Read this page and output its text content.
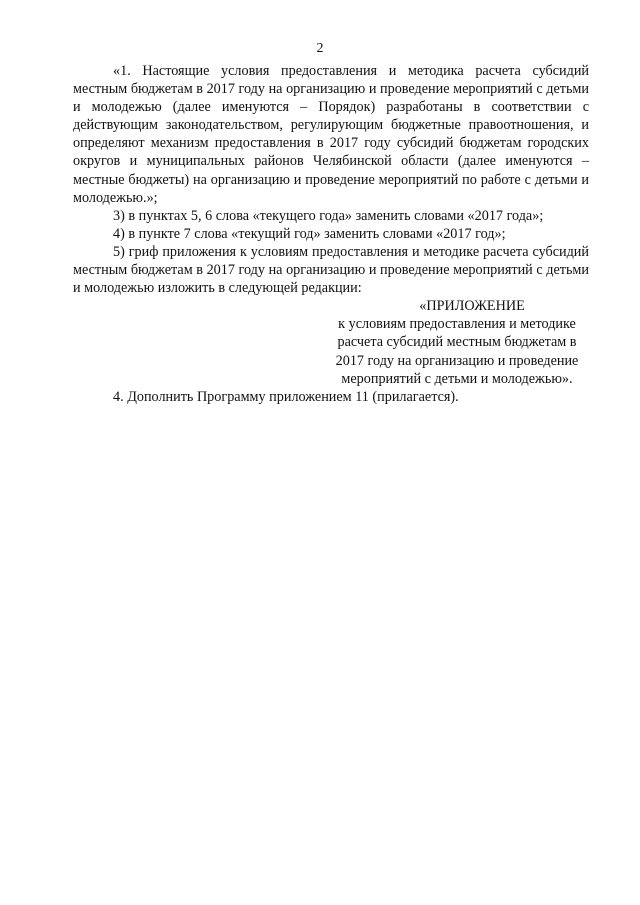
2

«1. Настоящие условия предоставления и методика расчета субсидий местным бюджетам в 2017 году на организацию и проведение мероприятий с детьми и молодежью (далее именуются – Порядок) разработаны в соответствии с действующим законодательством, регулирующим бюджетные правоотношения, и определяют механизм предоставления в 2017 году субсидий бюджетам городских округов и муниципальных районов Челябинской области (далее именуются – местные бюджеты) на организацию и проведение мероприятий по работе с детьми и молодежью.»;

3) в пунктах 5, 6 слова «текущего года» заменить словами «2017 года»;

4) в пункте 7 слова «текущий год» заменить словами «2017 год»;

5) гриф приложения к условиям предоставления и методике расчета субсидий местным бюджетам в 2017 году на организацию и проведение мероприятий с детьми и молодежью изложить в следующей редакции:

«ПРИЛОЖЕНИЕ
к условиям предоставления и методике расчета субсидий местным бюджетам в 2017 году на организацию и проведение мероприятий с детьми и молодежью».

4. Дополнить Программу приложением 11 (прилагается).
